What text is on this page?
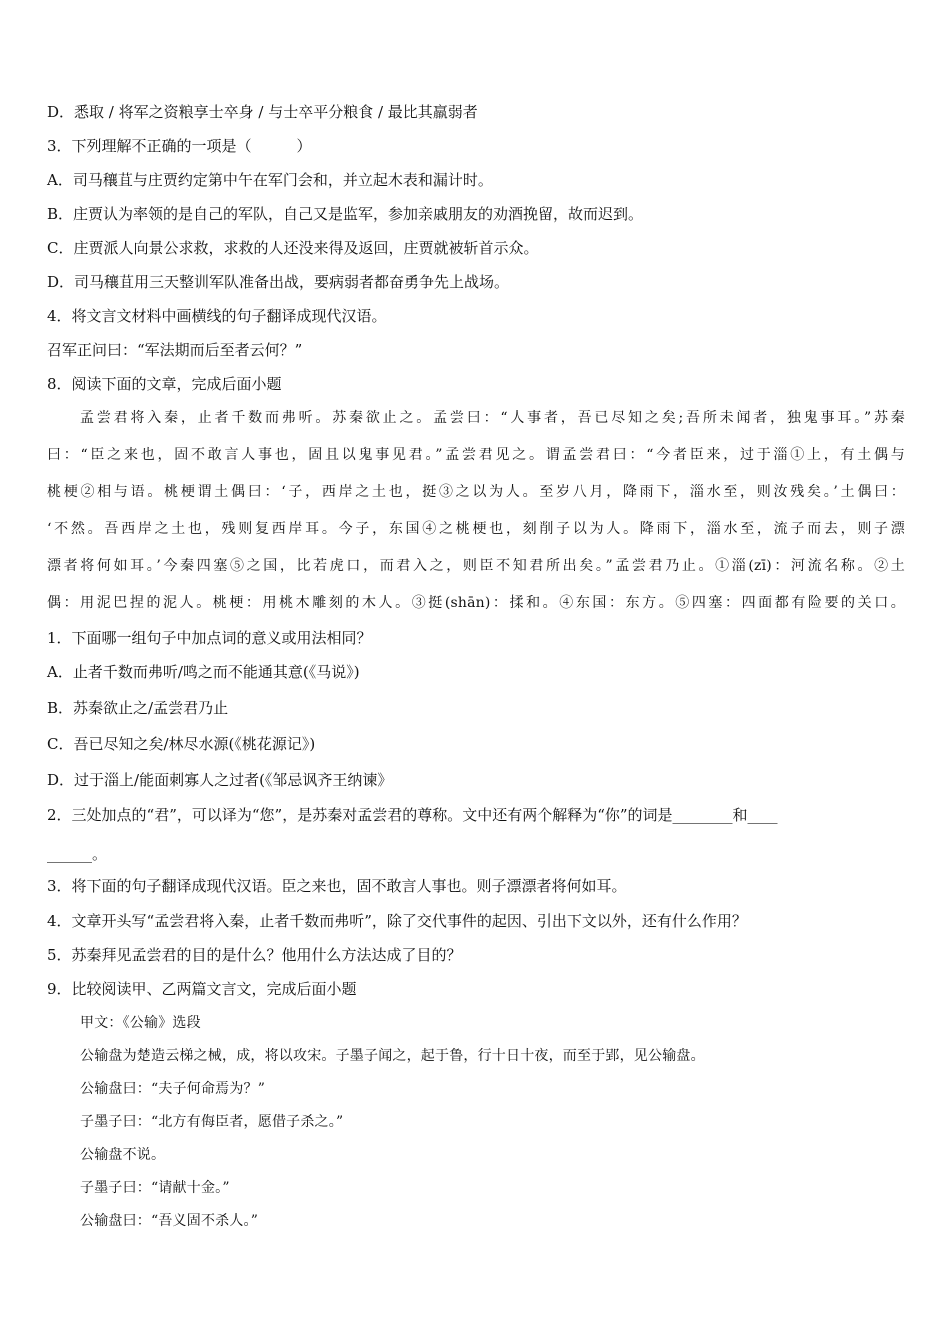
D．悉取 / 将军之资粮享士卒身 / 与士卒平分粮食 / 最比其羸弱者
3．下列理解不正确的一项是（　　　）
A．司马穰苴与庄贾约定第中午在军门会和，并立起木表和漏计时。
B．庄贾认为率领的是自己的军队，自己又是监军，参加亲戚朋友的劝酒挽留，故而迟到。
C．庄贾派人向景公求救，求救的人还没来得及返回，庄贾就被斩首示众。
D．司马穰苴用三天整训军队准备出战，要病弱者都奋勇争先上战场。
4．将文言文材料中画横线的句子翻译成现代汉语。
召军正问曰：“军法期而后至者云何？”
8．阅读下面的文章，完成后面小题
孟尝君将入秦，止者千数而弗听。苏秦欲止之。孟尝曰：“人事者，吾已尽知之矣;吾所未闻者，独鬼事耳。”苏秦
曰：“臣之来也，固不敢言人事也，固且以鬼事见君。”孟尝君见之。谓孟尝君曰：“今者臣来，过于淄①上，有土偶与
桃梗②相与语。桃梗谓土偶曰：‘子，西岸之土也，挺③之以为人。至岁八月，降雨下，淄水至，则汝残矣。’土偶曰：
‘不然。吾西岸之土也，残则复西岸耳。今子，东国④之桃梗也，刻削子以为人。降雨下，淄水至，流子而去，则子漂
漂者将何如耳。’今秦四塞⑤之国，比若虎口，而君入之，则臣不知君所出矣。”孟尝君乃止。①淄(zī)：河流名称。②土
偶：用泥巴捏的泥人。桃梗：用桃木雕刻的木人。③挺(shān)：揉和。④东国：东方。⑤四塞：四面都有险要的关口。
1．下面哪一组句子中加点词的意义或用法相同？
A．止者千数而弗听/鸣之而不能通其意(《马说》)
B．苏秦欲止之/孟尝君乃止
C．吾已尽知之矣/林尽水源(《桃花源记》)
D．过于淄上/能面刺寡人之过者(《邹忌讽齐王纳谏》
2．三处加点的“君”，可以译为“您”，是苏秦对孟尝君的尊称。文中还有两个解释为“你”的词是________和____
______。
3．将下面的句子翻译成现代汉语。臣之来也，固不敢言人事也。则子漂漂者将何如耳。
4．文章开头写“孟尝君将入秦，止者千数而弗听”，除了交代事件的起因、引出下文以外，还有什么作用？
5．苏秦拜见孟尝君的目的是什么？他用什么方法达成了目的？
9．比较阅读甲、乙两篇文言文，完成后面小题
甲文：《公输》选段
公输盘为楚造云梯之械，成，将以攻宋。子墨子闻之，起于鲁，行十日十夜，而至于郢，见公输盘。
公输盘曰：“夫子何命焉为？”
子墨子曰：“北方有侮臣者，愿借子杀之。”
公输盘不说。
子墨子曰：“请献十金。”
公输盘曰：“吾义固不杀人。”
